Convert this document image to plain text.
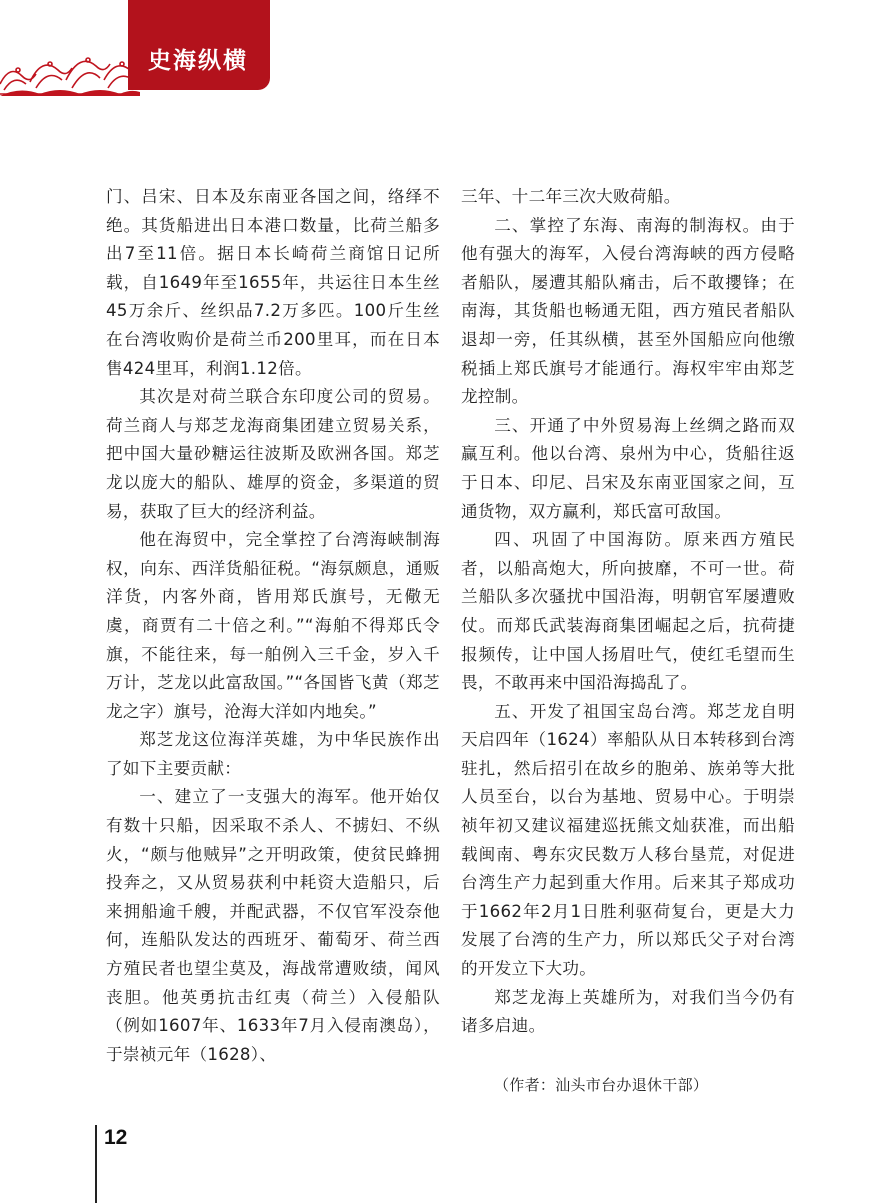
史海纵横

门、吕宋、日本及东南亚各国之间，络绎不绝。其货船进出日本港口数量，比荷兰船多出7至11倍。据日本长崎荷兰商馆日记所载，自1649年至1655年，共运往日本生丝45万余斤、丝织品7.2万多匹。100斤生丝在台湾收购价是荷兰币200里耳，而在日本售424里耳，利润1.12倍。

其次是对荷兰联合东印度公司的贸易。荷兰商人与郑芝龙海商集团建立贸易关系，把中国大量砂糖运往波斯及欧洲各国。郑芝龙以庞大的船队、雄厚的资金，多渠道的贸易，获取了巨大的经济利益。

他在海贸中，完全掌控了台湾海峡制海权，向东、西洋货船征税。“海氛颇息，通贩洋货，内客外商，皆用郑氏旗号，无儆无虞，商贾有二十倍之利。”“海舶不得郑氏令旗，不能往来，每一舶例入三千金，岁入千万计，芝龙以此富敌国。”“各国皆飞黄（郑芝龙之字）旗号，沧海大洋如内地矣。”

郑芝龙这位海洋英雄，为中华民族作出了如下主要贡献：

一、建立了一支强大的海军。他开始仅有数十只船，因采取不杀人、不掳妇、不纵火，“颇与他贼异”之开明政策，使贫民蜂拥投奔之，又从贸易获利中耗资大造船只，后来拥船逾千艘，并配武器，不仅官军没奈他何，连船队发达的西班牙、葡萄牙、荷兰西方殖民者也望尘莫及，海战常遭败绩，闻风丧胆。他英勇抗击红夷（荷兰）入侵船队（例如1607年、1633年7月入侵南澳岛），于崇祯元年（1628）、

三年、十二年三次大败荷船。

二、掌控了东海、南海的制海权。由于他有强大的海军，入侵台湾海峡的西方侵略者船队，屡遭其船队痛击，后不敢攖锋；在南海，其货船也畅通无阻，西方殖民者船队退却一旁，任其纵横，甚至外国船应向他缴税插上郑氏旗号才能通行。海权牢牢由郑芝龙控制。

三、开通了中外贸易海上丝绸之路而双赢互利。他以台湾、泉州为中心，货船往返于日本、印尼、吕宋及东南亚国家之间，互通货物，双方赢利，郑氏富可敌国。

四、巩固了中国海防。原来西方殖民者，以船高炮大，所向披靡，不可一世。荷兰船队多次骚扰中国沿海，明朝官军屡遭败仗。而郑氏武装海商集团崛起之后，抗荷捷报频传，让中国人扬眉吐气，使红毛望而生畏，不敢再来中国沿海捣乱了。

五、开发了祖国宝岛台湾。郑芝龙自明天启四年（1624）率船队从日本转移到台湾驻扎，然后招引在故乡的胞弟、族弟等大批人员至台，以台为基地、贸易中心。于明崇祯年初又建议福建巡抚熊文灿获准，而出船载闽南、粤东灾民数万人移台垦荒，对促进台湾生产力起到重大作用。后来其子郑成功于1662年2月1日胜利驱荷复台，更是大力发展了台湾的生产力，所以郑氏父子对台湾的开发立下大功。

郑芝龙海上英雄所为，对我们当今仍有诸多启迪。

（作者：汕头市台办退休干部）

12
